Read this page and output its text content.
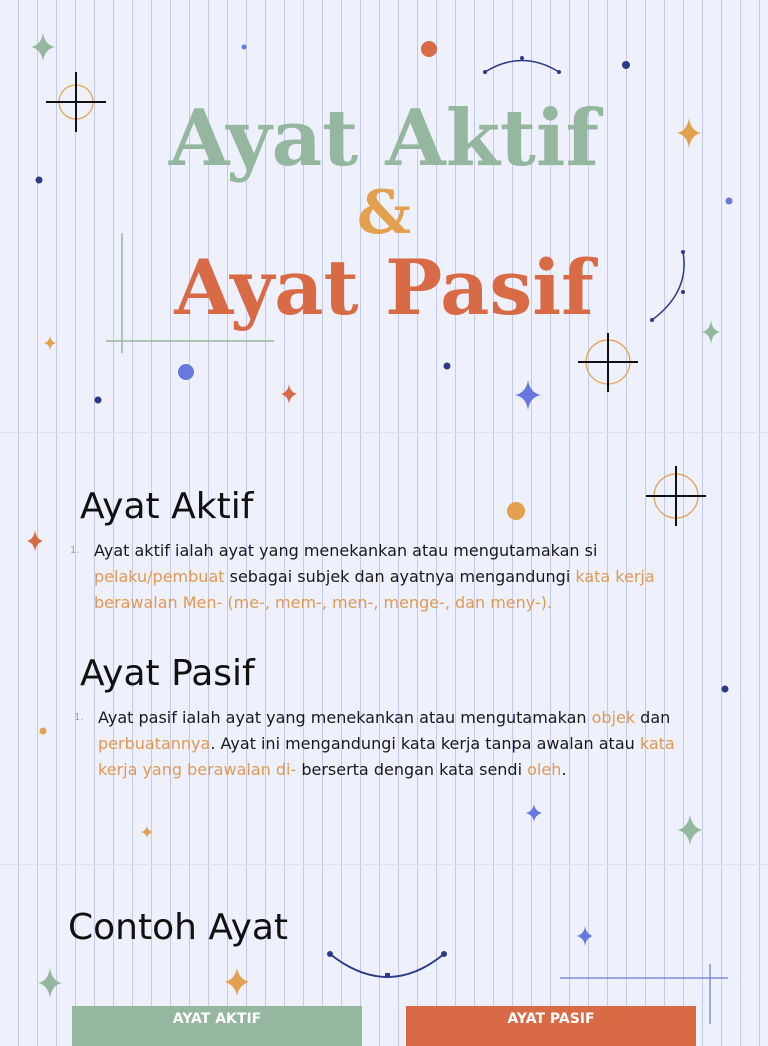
Ayat Aktif
&
Ayat Pasif
Ayat Aktif

1. Ayat aktif ialah ayat yang menekankan atau mengutamakan si pelaku/pembuat sebagai subjek dan ayatnya mengandungi kata kerja berawalan Men- (me-, mem-, men-, menge-, dan meny-).

Ayat Pasif

1. Ayat pasif ialah ayat yang menekankan atau mengutamakan objek dan perbuatannya. Ayat ini mengandungi kata kerja tanpa awalan atau kata kerja yang berawalan di- berserta dengan kata sendi oleh.

Contoh Ayat
AYAT AKTIF	AYAT PASIF
